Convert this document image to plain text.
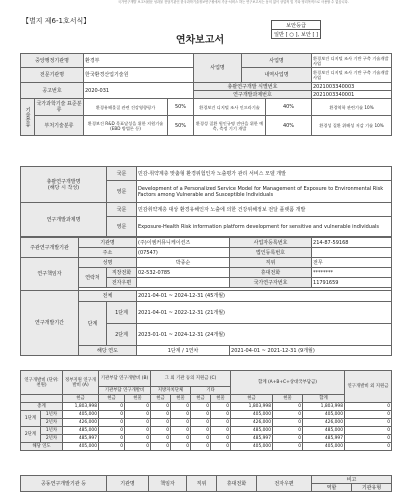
국가연구개발 보고서원문 성과물 전담기관인 한국과학기술정보연구원에서 가공·서비스 하는 연구보고서는 동의 없이 상업적 및 기타 영리목적으로 사용할 수 없습니다.
【별지 제6-1호서식】
연차보고서
보안등급
일반 [ ○ ], 보안 [ ]
중앙행정기관명		환경부		사업명	사업명		환경보건 디지털 조사 기반 구축 기술개발사업
전문기관명		한국환경산업기술원			내역사업명		환경보건 디지털 조사 기반 구축 기술개발사업
공고번호		2020-031		총괄연구개발 식별번호			2021003340003
				연구개발과제번호			2021003340001
기술분류	국가과학기술 표준분류	환경유해물질 관련 건강영향평가	50%	환경보건 디지털 조사 인프라기술		40%	환경역학 관련기술 10%
	부처기술분류	환경보건 R&D 목표달성을 위한 지원기술(EBD 방법론 등)	50%	환경성 질환 원인규명 진단을 위한 예측, 측정 기기 개발		40%	환경성 질환 위해성 저감 기술 10%
총괄연구개발명
(해당 시 작성)	국문	민감·취약계층 맞춤형 환경위험인자 노출평가 관리 서비스 모델 개발
	영문	Development of a Personalized Service Model for Management of Exposure to Environmental Risk Factors among Vulnerable and Susceptible Individuals
연구개발과제명	국문	민감취약계층 대상 환경유해인자 노출에 의한 건강위해정보 전달 플랫폼 개발
	영문	Exposure-Health Risk information platform development for sensitive and vulnerable individuals
주관연구개발기관	기관명		(주)이엠커뮤니케이션즈	사업자등록번호	214-87-59168
	주소		(07547)	법인등록번호	
연구책임자	성명		박종순	직위	전무
	연락처	직장전화	02-532-0785	휴대전화	********
		전자우편		국가연구자번호	11791659

연구개발기간	전체		2021-04-01 ~ 2024-12-31 (45개월)		
	단계	1단계	2021-04-01 ~ 2022-12-31 (21개월)		
		2단계	2023-01-01 ~ 2024-12-31 (24개월)		
	해당 연도		1단계 / 1연차	2021-04-01 ~ 2021-12-31 (9개월)	
연구개발비 (단위: 천원)		정부지원 연구개발비 (A)	기관부담 연구개발비 (B)		그 외 기관 등의 지원금 (C)				합계 (A+B+C+상대국부담금)			연구개발비 외 지원금

			기관부담 연구개발비		지방자치단체		기타					
		현금	현금	현물	현금	현물	현금	현물	현금	현물	합계	
총계		1,803,998	0	0	0	0	0	0	1,803,998	0	1,803,998	0
1단계	1년차	405,000	0	0	0	0	0	0	405,000	0	405,000	0
	2년차	426,000	0	0	0	0	0	0	426,000	0	426,000	0
2단계	1년차	485,000	0	0	0	0	0	0	485,000	0	485,000	0
	2년차	485,997	0	0	0	0	0	0	485,997	0	485,997	0
해당 연도		405,000	0	0	0	0	0	0	405,000	0	405,000	0
공동연구개발기관 등	기관명	책임자	직위	휴대전화	전자우편	비고	
						역할	기관유형
